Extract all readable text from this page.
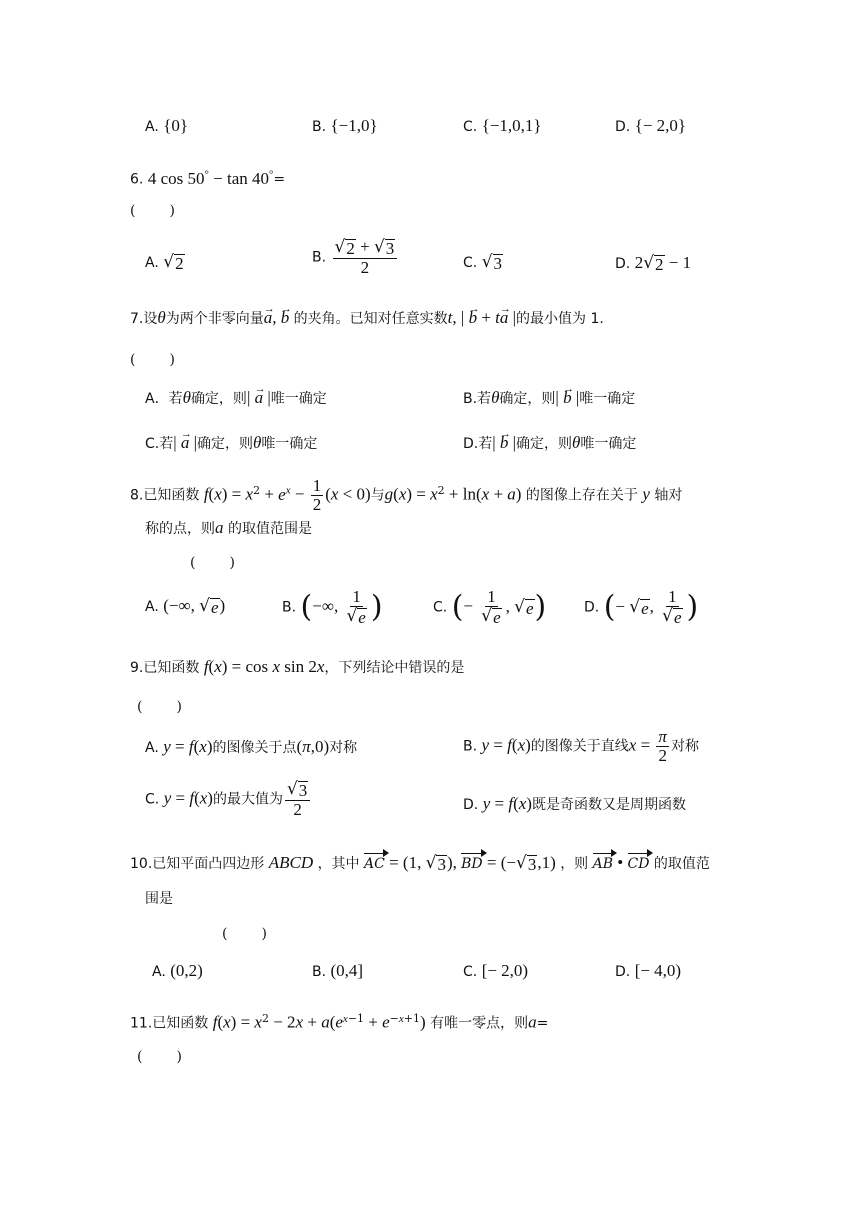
A. {0}	B. {−1,0}	C. {−1,0,1}	D. {− 2,0}
6. 4 cos 50° − tan 40°=
(　　)
A. √ 2	B. $\frac{√ 2 + √ 3}{2}$	C. √ 3	D. 2 √ 2 − 1
7.设θ为两个非零向量→ a, → b 的夹角。已知对任意实数t, | → b + t→ a |的最小值为 1.
(　　)
A．若θ确定，则| → a |唯一确定	B.若θ确定，则| → b |唯一确定
C.若| → a |确定，则θ唯一确定	D.若| → b |确定，则θ唯一确定
8.已知函数 $f(x) = x^2 + e^x - \frac{1}{2} (x < 0)$与$g(x) = x^2 + \ln(x + a)$ 的图像上存在关于 y 轴对
称的点，则a 的取值范围是
(　　)
A. (−∞, √ e )	B. (−∞, $\frac{1}{√ e}$ )	C. (− $\frac{1}{√ e}$ , √ e )	D. (− √ e , $\frac{1}{√ e}$ )
9.已知函数 f(x) = cos x sin 2x，下列结论中错误的是
(　　)
A. y = f(x)的图像关于点(π,0)对称	B. y = f(x)的图像关于直线$x = \frac{\pi}{2}$ 对称
C. y = f(x)的最大值为 $\frac{√ 3}{2}$	D. y = f(x)既是奇函数又是周期函数
10.已知平面凸四边形 ABCD ，其中 AC = (1, √ 3 ), BD = (− √ 3 ,1) ，则 AB • CD 的取值范
围是
(　　)
A. (0,2)	B. (0,4]	C. [− 2,0)	D. [− 4,0)
11.已知函数 $f(x) = x^2 - 2x + a(e^{x-1} + e^{-x+1})$ 有唯一零点，则a=
(　　)
